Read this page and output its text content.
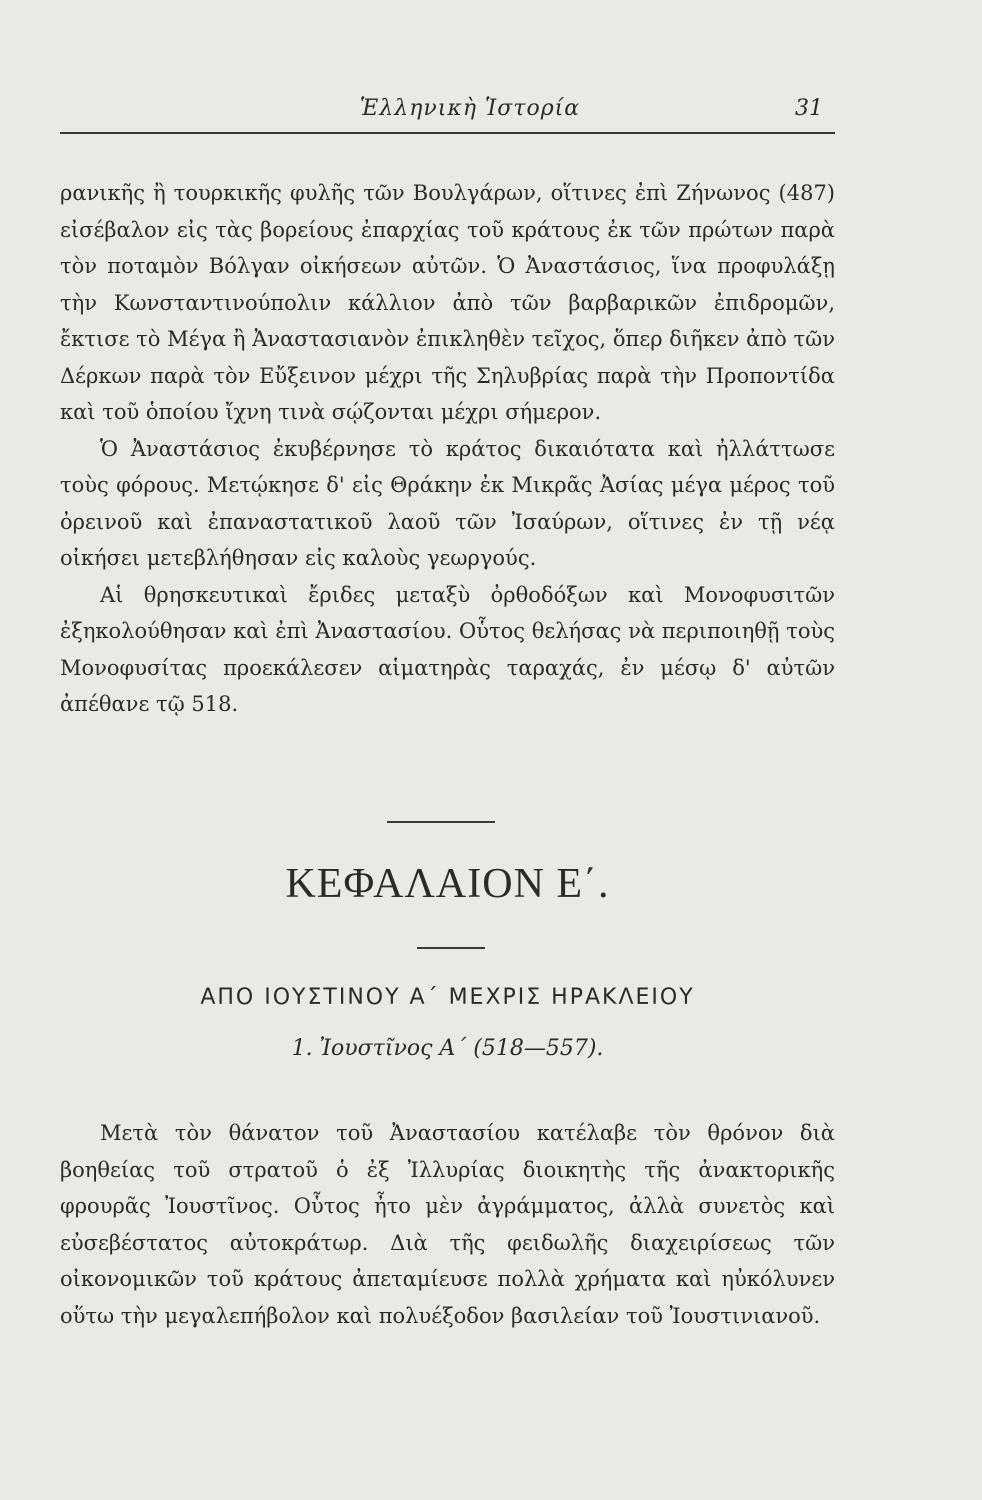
Ἑλληνικὴ Ἱστορία	31

ρανικῆς ἢ τουρκικῆς φυλῆς τῶν Βουλγάρων, οἵτινες ἐπὶ Ζήνωνος (487) εἰσέβαλον εἰς τὰς βορείους ἐπαρχίας τοῦ κράτους ἐκ τῶν πρώτων παρὰ τὸν ποταμὸν Βόλγαν οἰκήσεων αὐτῶν. Ὁ Ἀναστάσιος, ἵνα προφυλάξῃ τὴν Κωνσταντινούπολιν κάλλιον ἀπὸ τῶν βαρβαρικῶν ἐπιδρομῶν, ἔκτισε τὸ Μέγα ἢ Ἀναστασιανὸν ἐπικληθὲν τεῖχος, ὅπερ διῆκεν ἀπὸ τῶν Δέρκων παρὰ τὸν Εὔξεινον μέχρι τῆς Σηλυβρίας παρὰ τὴν Προποντίδα καὶ τοῦ ὁποίου ἴχνη τινὰ σῴζονται μέχρι σήμερον.

Ὁ Ἀναστάσιος ἐκυβέρνησε τὸ κράτος δικαιότατα καὶ ἠλλάττωσε τοὺς φόρους. Μετῴκησε δ' εἰς Θράκην ἐκ Μικρᾶς Ἀσίας μέγα μέρος τοῦ ὀρεινοῦ καὶ ἐπαναστατικοῦ λαοῦ τῶν Ἰσαύρων, οἵτινες ἐν τῇ νέᾳ οἰκήσει μετεβλήθησαν εἰς καλοὺς γεωργούς.

Αἱ θρησκευτικαὶ ἔριδες μεταξὺ ὀρθοδόξων καὶ Μονοφυσιτῶν ἐξηκολούθησαν καὶ ἐπὶ Ἀναστασίου. Οὗτος θελήσας νὰ περιποιηθῇ τοὺς Μονοφυσίτας προεκάλεσεν αἱματηρὰς ταραχάς, ἐν μέσῳ δ' αὐτῶν ἀπέθανε τῷ 518.

ΚΕΦΑΛΑΙΟΝ Ε΄.
ΑΠΟ ΙΟΥΣΤΙΝΟΥ Α΄ ΜΕΧΡΙΣ ΗΡΑΚΛΕΙΟΥ
1. Ἰουστῖνος Α΄ (518—557).

Μετὰ τὸν θάνατον τοῦ Ἀναστασίου κατέλαβε τὸν θρόνον διὰ βοηθείας τοῦ στρατοῦ ὁ ἐξ Ἰλλυρίας διοικητὴς τῆς ἀνακτορικῆς φρουρᾶς Ἰουστῖνος. Οὗτος ἦτο μὲν ἀγράμματος, ἀλλὰ συνετὸς καὶ εὐσεβέστατος αὐτοκράτωρ. Διὰ τῆς φειδωλῆς διαχειρίσεως τῶν οἰκονομικῶν τοῦ κράτους ἀπεταμίευσε πολλὰ χρήματα καὶ ηὐκόλυνεν οὕτω τὴν μεγαλεπήβολον καὶ πολυέξοδον βασιλείαν τοῦ Ἰουστινιανοῦ.
